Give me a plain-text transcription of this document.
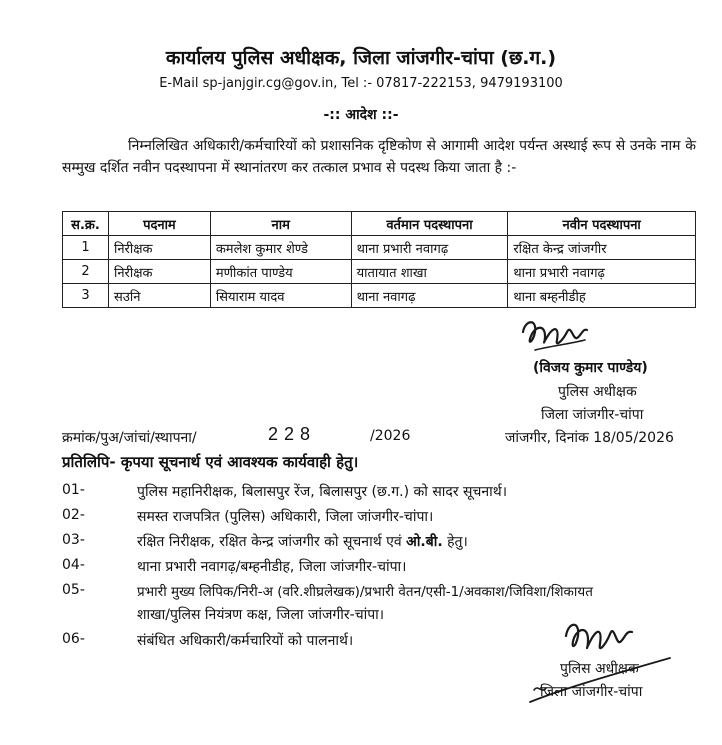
कार्यालय पुलिस अधीक्षक, जिला जांजगीर-चांपा (छ.ग.)
E-Mail sp-janjgir.cg@gov.in, Tel :- 07817-222153, 9479193100
-:: आदेश ::-
निम्नलिखित अधिकारी/कर्मचारियों को प्रशासनिक दृष्टिकोण से आगामी आदेश पर्यन्त अस्थाई रूप से उनके नाम के सम्मुख दर्शित नवीन पदस्थापना में स्थानांतरण कर तत्काल प्रभाव से पदस्थ किया जाता है :-
स.क्र.	पदनाम	नाम	वर्तमान पदस्थापना	नवीन पदस्थापना
1	निरीक्षक	कमलेश कुमार शेण्डे	थाना प्रभारी नवागढ़	रक्षित केन्द्र जांजगीर
2	निरीक्षक	मणीकांत पाण्डेय	यातायात शाखा	थाना प्रभारी नवागढ़
3	सउनि	सियाराम यादव	थाना नवागढ़	थाना बम्हनीडीह
(विजय कुमार पाण्डेय)
पुलिस अधीक्षक
जिला जांजगीर-चांपा
क्रमांक/पुअ/जांचां/स्थापना/	228	/2026	जांजगीर, दिनांक 18/05/2026
प्रतिलिपि- कृपया सूचनार्थ एवं आवश्यक कार्यवाही हेतु।
01-	पुलिस महानिरीक्षक, बिलासपुर रेंज, बिलासपुर (छ.ग.) को सादर सूचनार्थ।
02-	समस्त राजपत्रित (पुलिस) अधिकारी, जिला जांजगीर-चांपा।
03-	रक्षित निरीक्षक, रक्षित केन्द्र जांजगीर को सूचनार्थ एवं ओ.बी. हेतु।
04-	थाना प्रभारी नवागढ़/बम्हनीडीह, जिला जांजगीर-चांपा।
05-	प्रभारी मुख्य लिपिक/निरी-अ (वरि.शीघ्रलेखक)/प्रभारी वेतन/एसी-1/अवकाश/जिविशा/शिकायत
शाखा/पुलिस नियंत्रण कक्ष, जिला जांजगीर-चांपा।
06-	संबंधित अधिकारी/कर्मचारियों को पालनार्थ।
पुलिस अधीक्षक
जिला जांजगीर-चांपा
